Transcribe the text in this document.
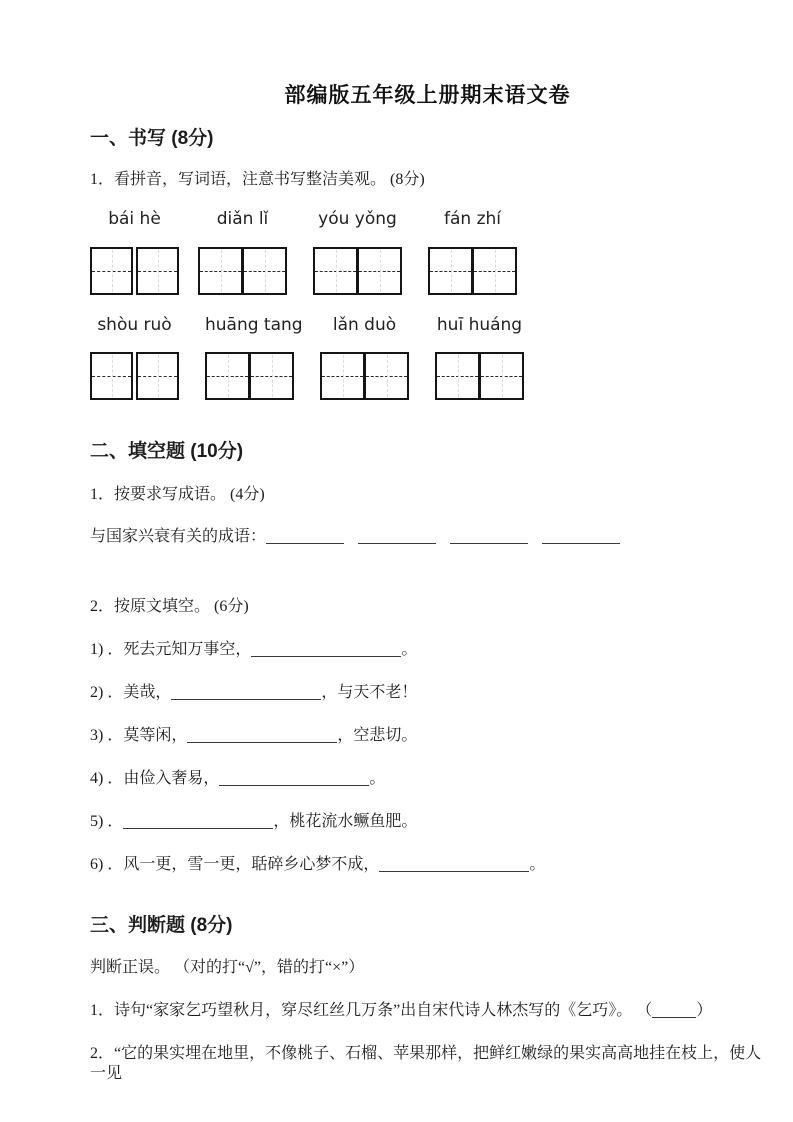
部编版五年级上册期末语文卷
一、书写 (8分)
1．看拼音，写词语，注意书写整洁美观。 (8分)
bái hè	diǎn lǐ	yóu yǒng	fán zhí
shòu ruò	huāng tang	lǎn duò	huī huáng
二、填空题 (10分)
1．按要求写成语。 (4分)
与国家兴衰有关的成语：
2．按原文填空。 (6分)
1) ．死去元知万事空，	。
2) ．美哉，	，与天不老！
3) ．莫等闲，	，空悲切。
4) ．由俭入奢易，	。
5) ．	，桃花流水鳜鱼肥。
6) ．风一更，雪一更，聒碎乡心梦不成，	。
三、判断题 (8分)
判断正误。 （对的打“√”，错的打“×”）
1．诗句“家家乞巧望秋月，穿尽红丝几万条”出自宋代诗人林杰写的《乞巧》。 （	）
2．“它的果实埋在地里，不像桃子、石榴、苹果那样，把鲜红嫩绿的果实高高地挂在枝上，使人一见
